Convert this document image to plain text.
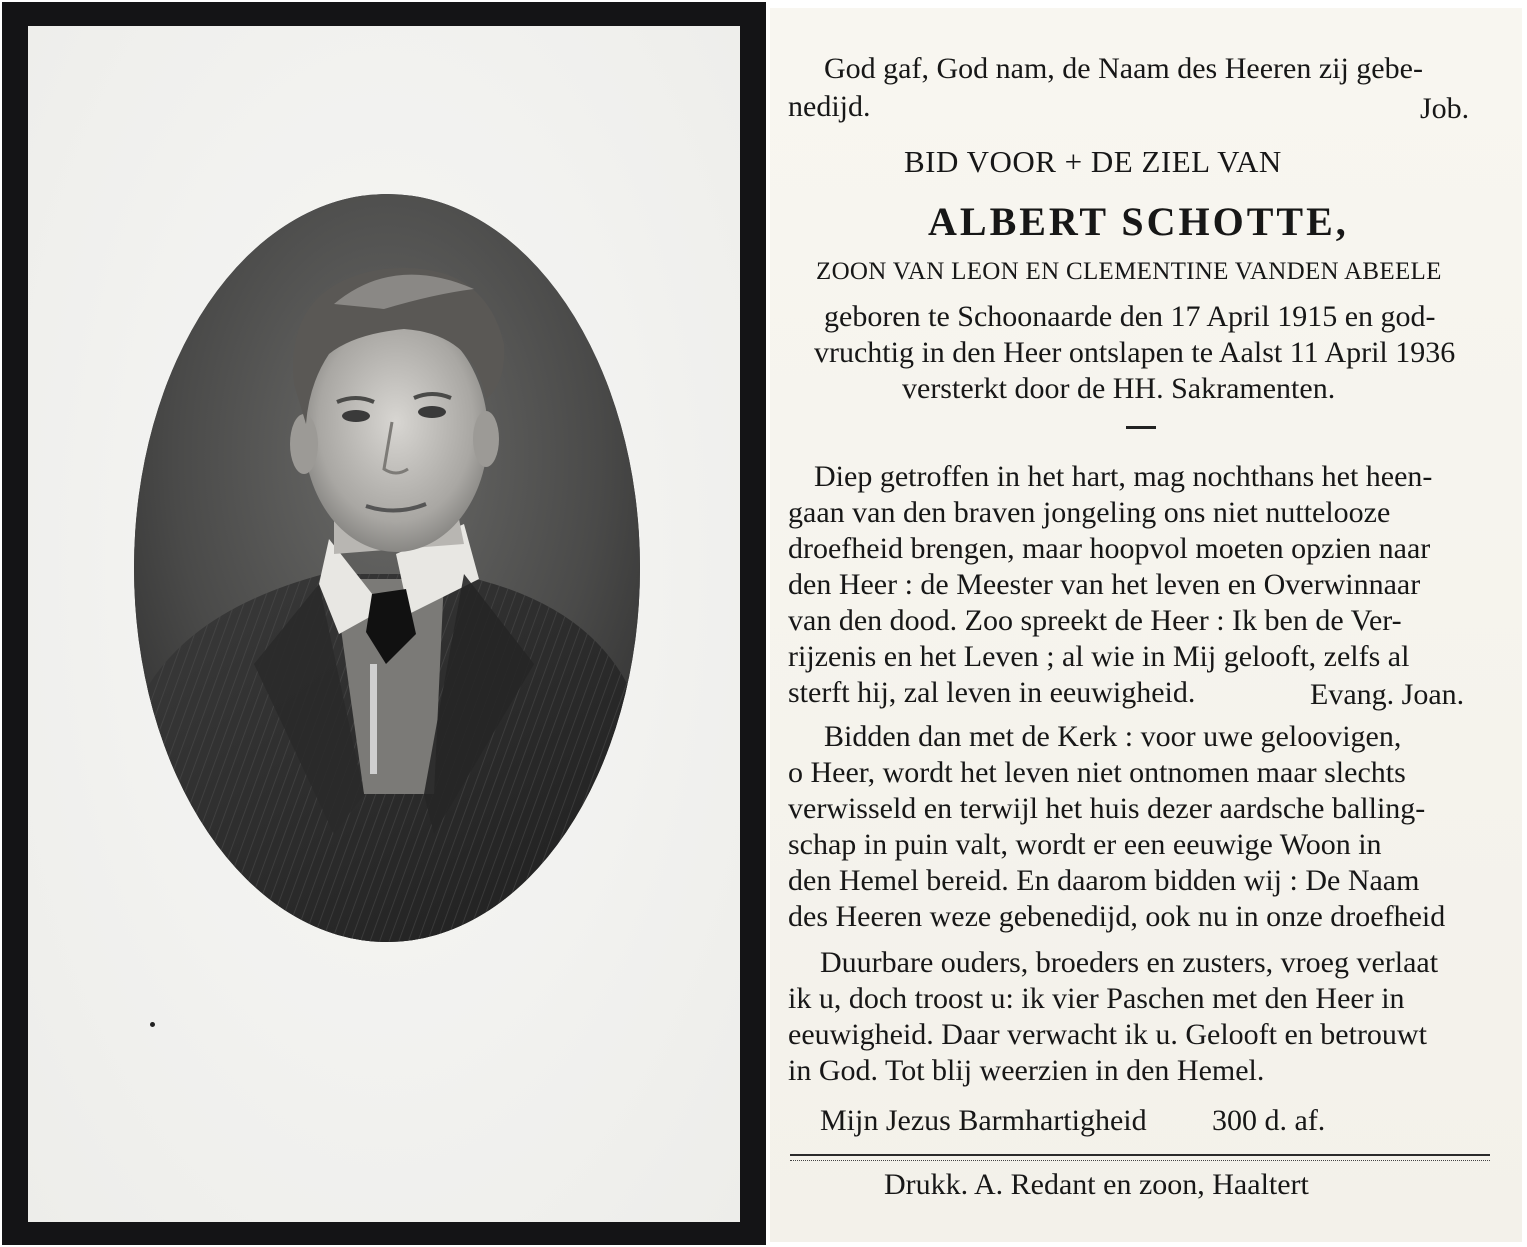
God gaf, God nam, de Naam des Heeren zij gebe-
nedijd.	Job.
BID VOOR + DE ZIEL VAN
ALBERT SCHOTTE,
ZOON VAN LEON EN CLEMENTINE VANDEN ABEELE
geboren te Schoonaarde den 17 April 1915 en god-
vruchtig in den Heer ontslapen te Aalst 11 April 1936
versterkt door de HH. Sakramenten.
Diep getroffen in het hart, mag nochthans het heen-
gaan van den braven jongeling ons niet nuttelooze
droefheid brengen, maar hoopvol moeten opzien naar
den Heer : de Meester van het leven en Overwinnaar
van den dood. Zoo spreekt de Heer : Ik ben de Ver-
rijzenis en het Leven ; al wie in Mij gelooft, zelfs al
sterft hij, zal leven in eeuwigheid.	Evang. Joan.
Bidden dan met de Kerk : voor uwe geloovigen,
o Heer, wordt het leven niet ontnomen maar slechts
verwisseld en terwijl het huis dezer aardsche balling-
schap in puin valt, wordt er een eeuwige Woon in
den Hemel bereid. En daarom bidden wij : De Naam
des Heeren weze gebenedijd, ook nu in onze droefheid
Duurbare ouders, broeders en zusters, vroeg verlaat
ik u, doch troost u: ik vier Paschen met den Heer in
eeuwigheid. Daar verwacht ik u. Gelooft en betrouwt
in God. Tot blij weerzien in den Hemel.
Mijn Jezus Barmhartigheid 300 d. af.
Drukk. A. Redant en zoon, Haaltert
